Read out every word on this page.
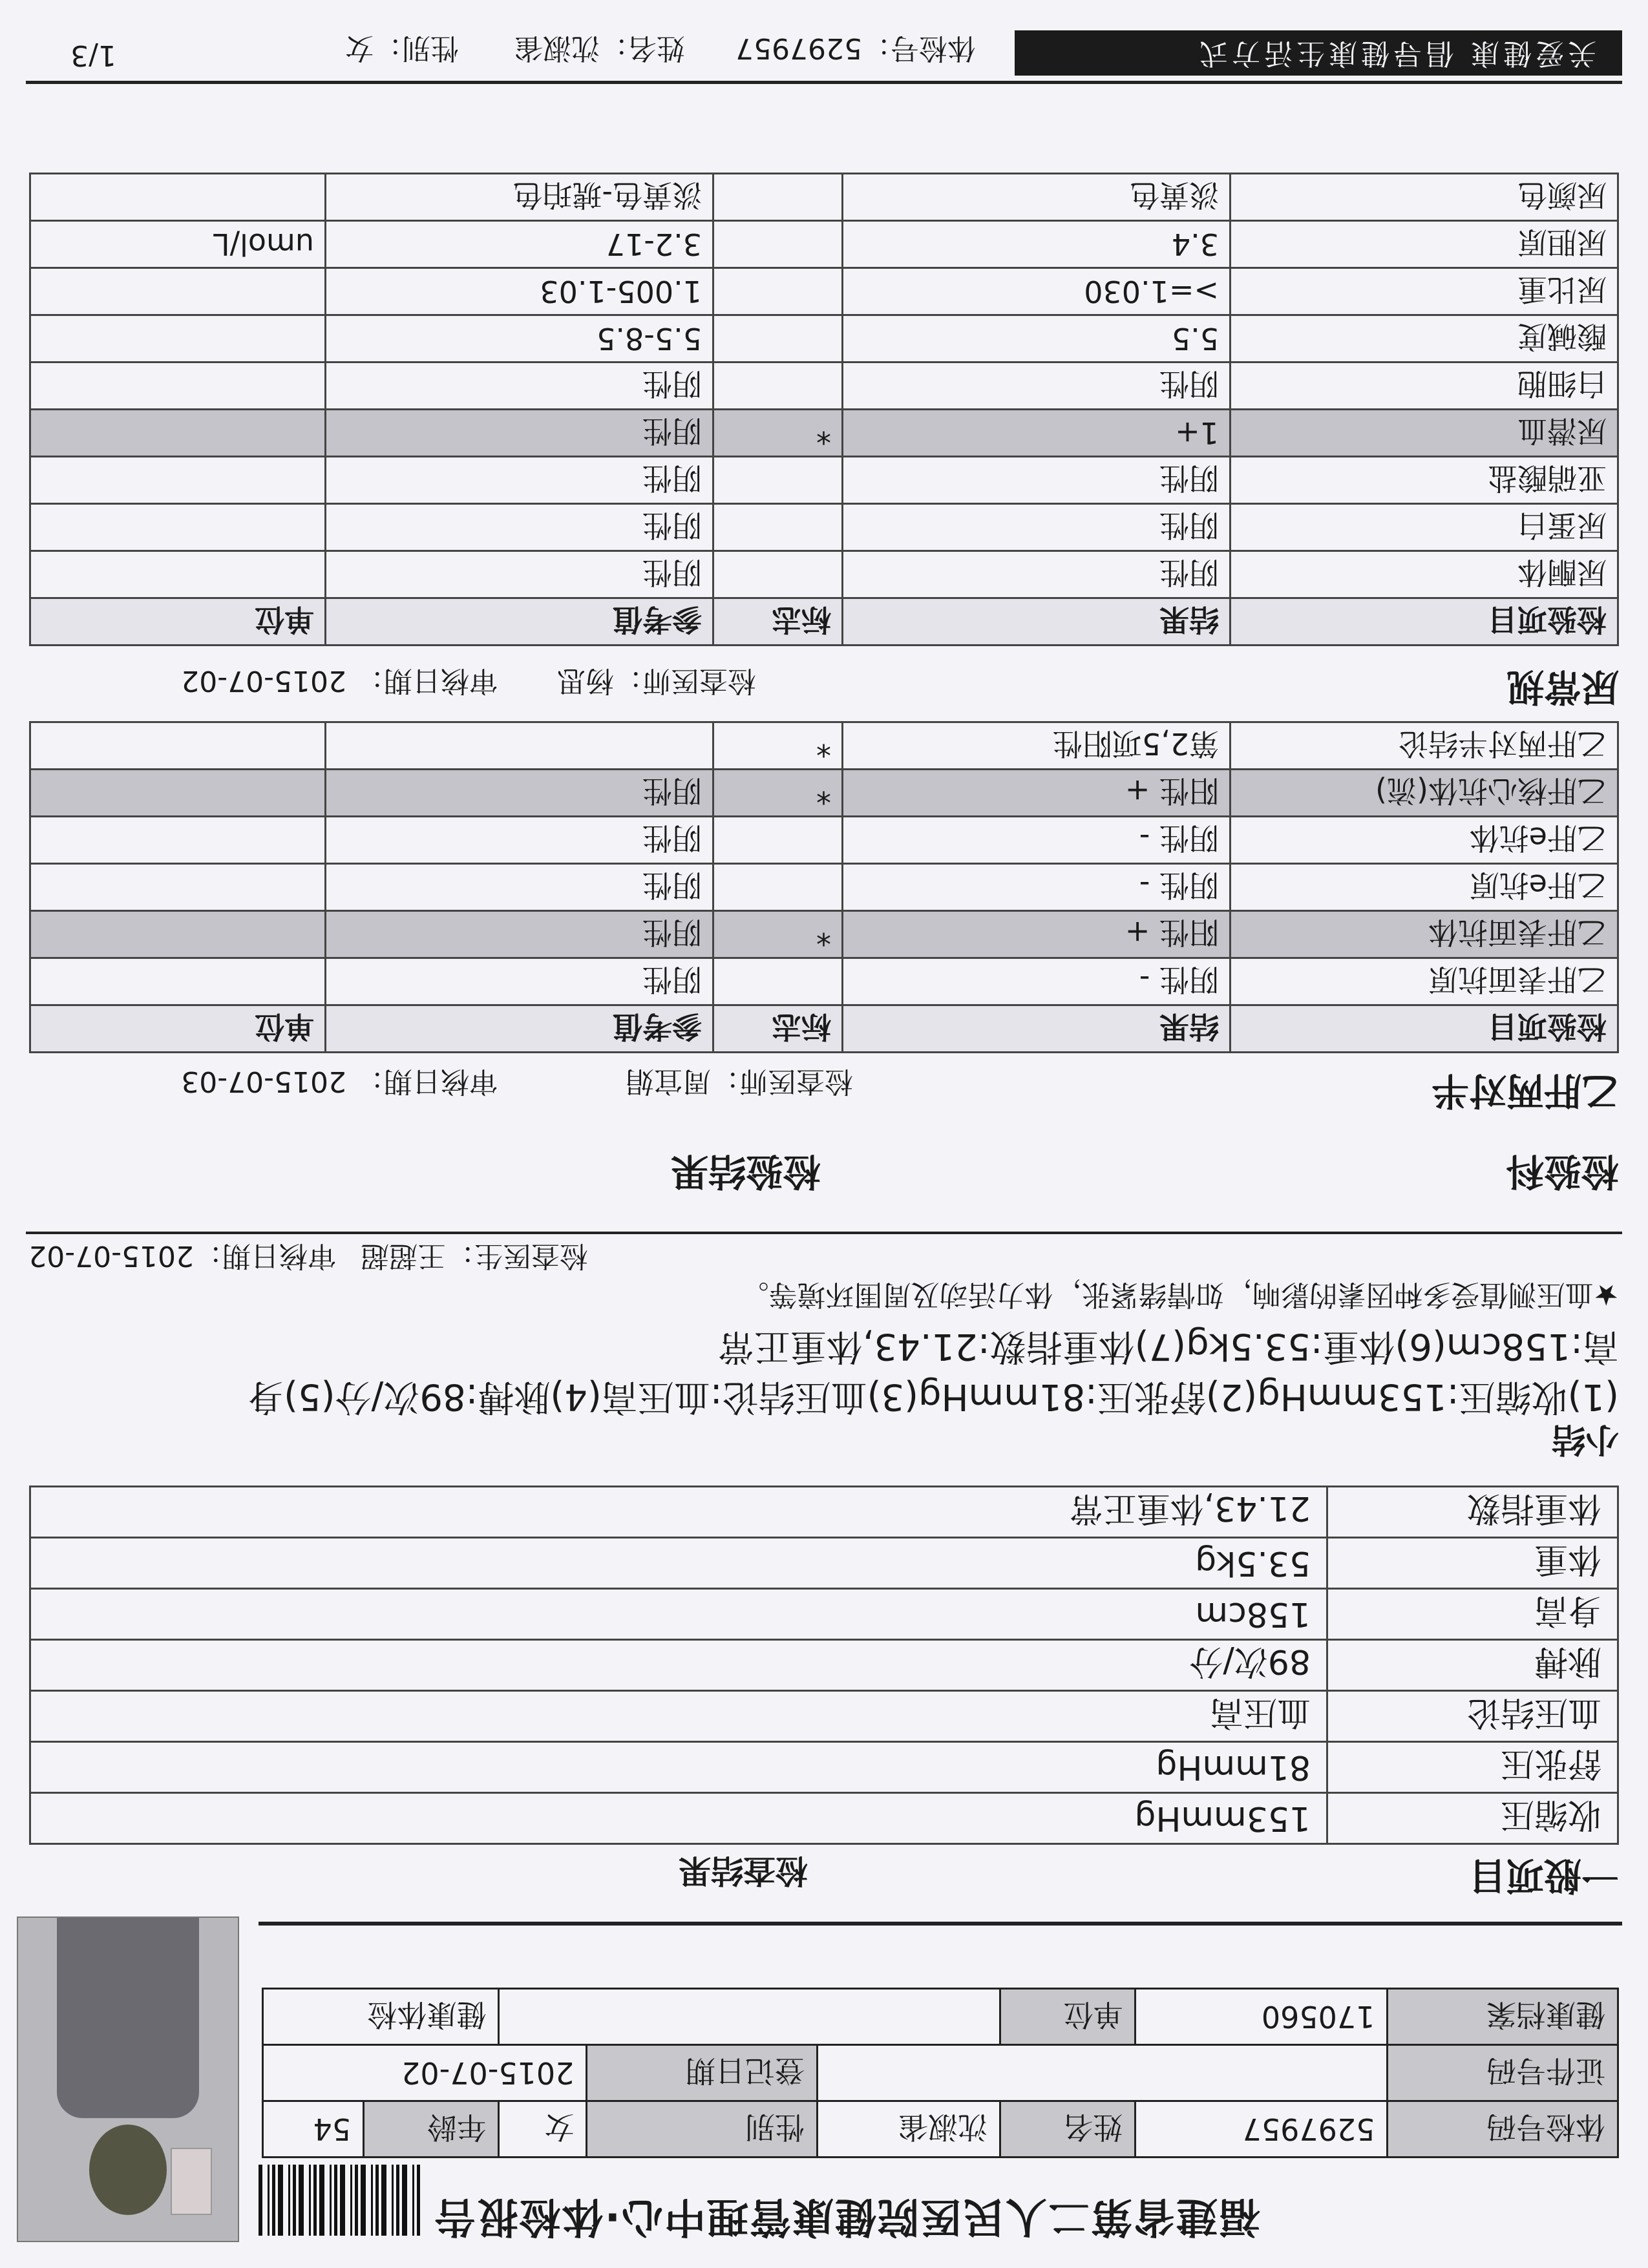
福建省第二人民医院健康管理中心·体检报告
体检号码	5297957	姓名	沈淑雀	性别	女	年龄	54
证件号码				登记日期	2015-07-02		
健康档案	170560	单位				健康体检	
一般项目
检查结果
收缩压	153mmHg
舒张压	81mmHg
血压结论	血压高
脉搏	89次/分
身高	158cm
体重	53.5kg
体重指数	21.43,体重正常
小结
(1)收缩压:153mmHg(2)舒张压:81mmHg(3)血压结论:血压高(4)脉搏:89次/分(5)身
高:158cm(6)体重:53.5kg(7)体重指数:21.43,体重正常
★血压测值受多种因素的影响，如情绪紧张，体力活动及周围环境等。
检查医生：王超超
审核日期：2015-07-02
检验科
检验结果
乙肝两对半
检查医师：周宜娟
审核日期： 2015-07-03
检验项目	结果	标志	参考值	单位
乙肝表面抗原	阴性 -		阴性	
乙肝表面抗体	阳性 +	*	阴性	
乙肝e抗原	阴性 -		阴性	
乙肝e抗体	阴性 -		阴性	
乙肝核心抗体(流)	阳性 +	*	阴性	
乙肝两对半结论	第2,5项阳性	*		
尿常规
检查医师：杨思
审核日期： 2015-07-02
检验项目	结果	标志	参考值	单位
尿酮体	阴性		阴性	
尿蛋白	阴性		阴性	
亚硝酸盐	阴性		阴性	
尿潜血	1+	*	阴性	
白细胞	阴性		阴性	
酸碱度	5.5		5.5-8.5	
尿比重	>=1.030		1.005-1.03	
尿胆原	3.4		3.2-17	umol/L
尿颜色	淡黄色		淡黄色-琥珀色	
关爱健康 倡导健康生活方式
体检号：5297957
姓名：沈淑雀
性别：女
1/3
